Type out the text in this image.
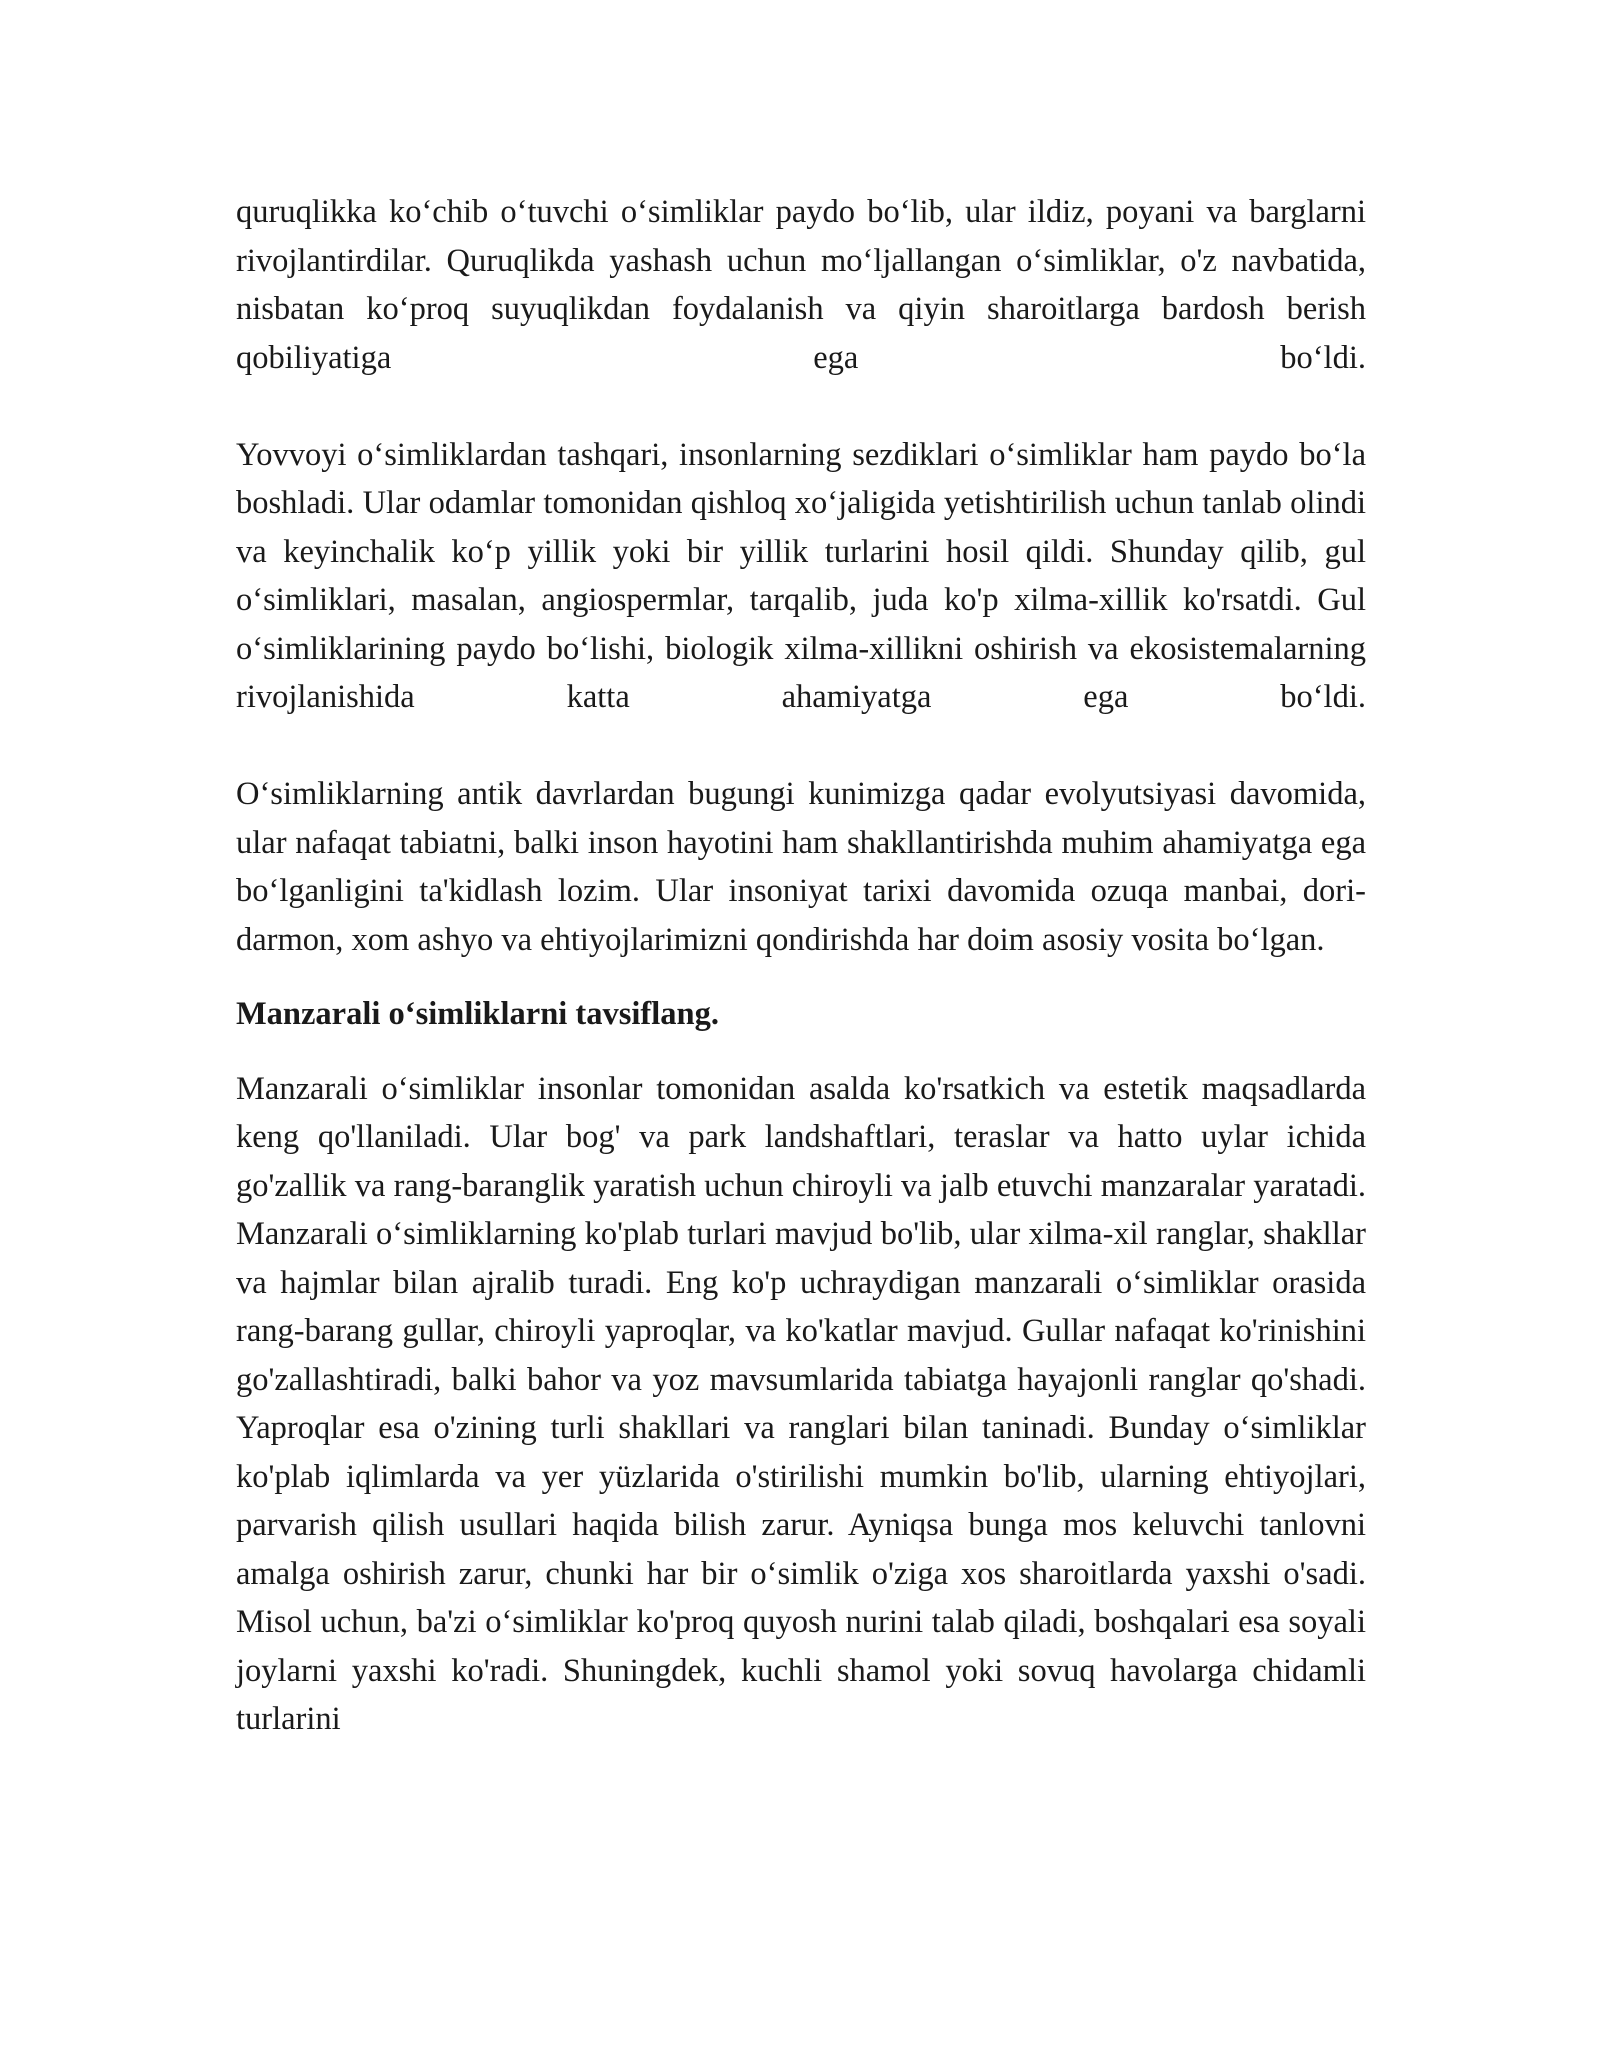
quruqlikka koʻchib oʻtuvchi oʻsimliklar paydo boʻlib, ular ildiz, poyani va barglarni rivojlantirdilar. Quruqlikda yashash uchun moʻljallangan oʻsimliklar, o'z navbatida, nisbatan koʻproq suyuqlikdan foydalanish va qiyin sharoitlarga bardosh berish qobiliyatiga ega boʻldi.

Yovvoyi oʻsimliklardan tashqari, insonlarning sezdiklari oʻsimliklar ham paydo boʻla boshladi. Ular odamlar tomonidan qishloq xoʻjaligida yetishtirilish uchun tanlab olindi va keyinchalik koʻp yillik yoki bir yillik turlarini hosil qildi. Shunday qilib, gul oʻsimliklari, masalan, angiospermlar, tarqalib, juda ko'p xilma-xillik ko'rsatdi. Gul oʻsimliklarining paydo boʻlishi, biologik xilma-xillikni oshirish va ekosistemalarning rivojlanishida katta ahamiyatga ega boʻldi.

Oʻsimliklarning antik davrlardan bugungi kunimizga qadar evolyutsiyasi davomida, ular nafaqat tabiatni, balki inson hayotini ham shakllantirishda muhim ahamiyatga ega boʻlganligini ta'kidlash lozim. Ular insoniyat tarixi davomida ozuqa manbai, dori-darmon, xom ashyo va ehtiyojlarimizni qondirishda har doim asosiy vosita boʻlgan.

Manzarali oʻsimliklarni tavsiflang.

Manzarali oʻsimliklar insonlar tomonidan asalda ko'rsatkich va estetik maqsadlarda keng qo'llaniladi. Ular bog' va park landshaftlari, teraslar va hatto uylar ichida go'zallik va rang-baranglik yaratish uchun chiroyli va jalb etuvchi manzaralar yaratadi. Manzarali oʻsimliklarning ko'plab turlari mavjud bo'lib, ular xilma-xil ranglar, shakllar va hajmlar bilan ajralib turadi. Eng ko'p uchraydigan manzarali oʻsimliklar orasida rang-barang gullar, chiroyli yaproqlar, va ko'katlar mavjud. Gullar nafaqat ko'rinishini go'zallashtiradi, balki bahor va yoz mavsumlarida tabiatga hayajonli ranglar qo'shadi. Yaproqlar esa o'zining turli shakllari va ranglari bilan taninadi. Bunday oʻsimliklar ko'plab iqlimlarda va yer yüzlarida o'stirilishi mumkin bo'lib, ularning ehtiyojlari, parvarish qilish usullari haqida bilish zarur. Ayniqsa bunga mos keluvchi tanlovni amalga oshirish zarur, chunki har bir oʻsimlik o'ziga xos sharoitlarda yaxshi o'sadi. Misol uchun, ba'zi oʻsimliklar ko'proq quyosh nurini talab qiladi, boshqalari esa soyali joylarni yaxshi ko'radi. Shuningdek, kuchli shamol yoki sovuq havolarga chidamli turlarini
